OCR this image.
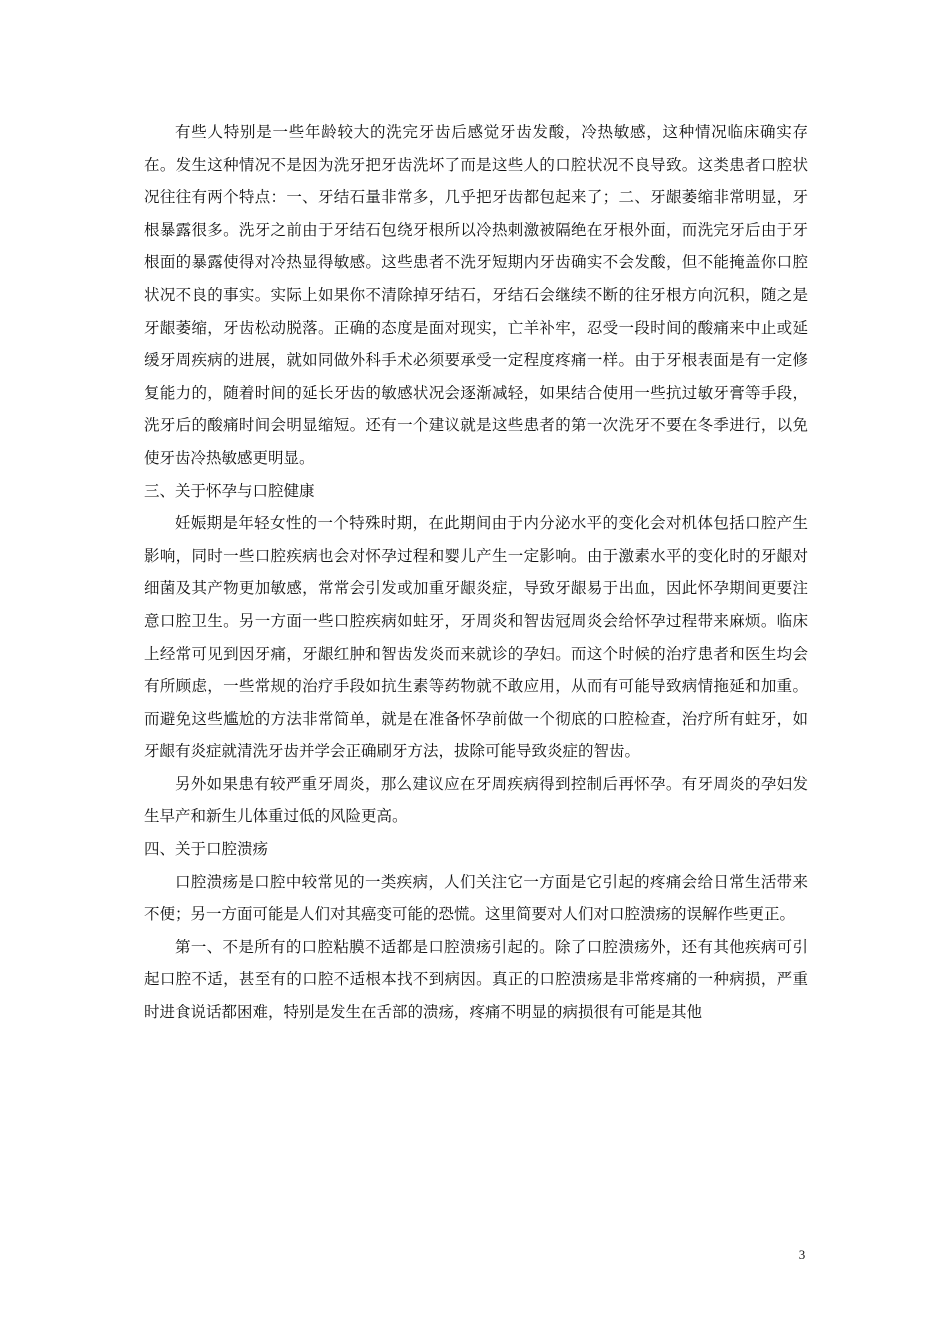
有些人特别是一些年龄较大的洗完牙齿后感觉牙齿发酸，冷热敏感，这种情况临床确实存在。发生这种情况不是因为洗牙把牙齿洗坏了而是这些人的口腔状况不良导致。这类患者口腔状况往往有两个特点：一、牙结石量非常多，几乎把牙齿都包起来了；二、牙龈萎缩非常明显，牙根暴露很多。洗牙之前由于牙结石包绕牙根所以冷热刺激被隔绝在牙根外面，而洗完牙后由于牙根面的暴露使得对冷热显得敏感。这些患者不洗牙短期内牙齿确实不会发酸，但不能掩盖你口腔状况不良的事实。实际上如果你不清除掉牙结石，牙结石会继续不断的往牙根方向沉积，随之是牙龈萎缩，牙齿松动脱落。正确的态度是面对现实，亡羊补牢，忍受一段时间的酸痛来中止或延缓牙周疾病的进展，就如同做外科手术必须要承受一定程度疼痛一样。由于牙根表面是有一定修复能力的，随着时间的延长牙齿的敏感状况会逐渐减轻，如果结合使用一些抗过敏牙膏等手段，洗牙后的酸痛时间会明显缩短。还有一个建议就是这些患者的第一次洗牙不要在冬季进行，以免使牙齿冷热敏感更明显。

三、关于怀孕与口腔健康

妊娠期是年轻女性的一个特殊时期，在此期间由于内分泌水平的变化会对机体包括口腔产生影响，同时一些口腔疾病也会对怀孕过程和婴儿产生一定影响。由于激素水平的变化时的牙龈对细菌及其产物更加敏感，常常会引发或加重牙龈炎症，导致牙龈易于出血，因此怀孕期间更要注意口腔卫生。另一方面一些口腔疾病如蛀牙，牙周炎和智齿冠周炎会给怀孕过程带来麻烦。临床上经常可见到因牙痛，牙龈红肿和智齿发炎而来就诊的孕妇。而这个时候的治疗患者和医生均会有所顾虑，一些常规的治疗手段如抗生素等药物就不敢应用，从而有可能导致病情拖延和加重。而避免这些尴尬的方法非常简单，就是在准备怀孕前做一个彻底的口腔检查，治疗所有蛀牙，如牙龈有炎症就清洗牙齿并学会正确刷牙方法，拔除可能导致炎症的智齿。

另外如果患有较严重牙周炎，那么建议应在牙周疾病得到控制后再怀孕。有牙周炎的孕妇发生早产和新生儿体重过低的风险更高。

四、关于口腔溃疡

口腔溃疡是口腔中较常见的一类疾病，人们关注它一方面是它引起的疼痛会给日常生活带来不便；另一方面可能是人们对其癌变可能的恐慌。这里简要对人们对口腔溃疡的误解作些更正。

第一、不是所有的口腔粘膜不适都是口腔溃疡引起的。除了口腔溃疡外，还有其他疾病可引起口腔不适，甚至有的口腔不适根本找不到病因。真正的口腔溃疡是非常疼痛的一种病损，严重时进食说话都困难，特别是发生在舌部的溃疡，疼痛不明显的病损很有可能是其他

3
